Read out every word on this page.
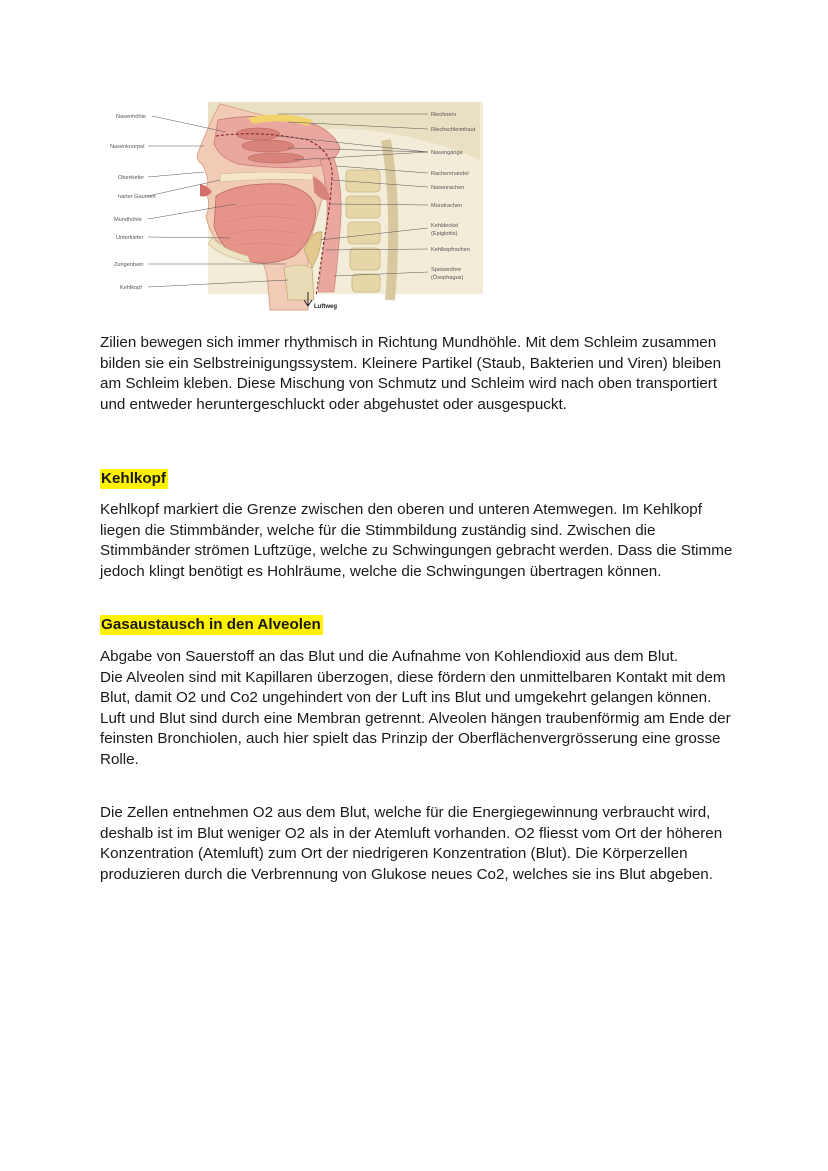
Luftweg
Nasenhöhle
Nasenknorpel
Oberkiefer
harter Gaumen
Mundhöhle
Unterkiefer
Zungenbein
Kehlkopf
Riechnerv
Riechschleimhaut
Nasengänge
Rachenmandel
Nasenrachen
Mundrachen
Kehldeckel
(Epiglottis)
Kehlkopfrachen
Speiseröhre
(Ösophagus)

Zilien bewegen sich immer rhythmisch in Richtung Mundhöhle. Mit dem Schleim zusammen bilden sie ein Selbstreinigungssystem. Kleinere Partikel (Staub, Bakterien und Viren) bleiben am Schleim kleben. Diese Mischung von Schmutz und Schleim wird nach oben transportiert und entweder heruntergeschluckt oder abgehustet oder ausgespuckt.

Kehlkopf

Kehlkopf markiert die Grenze zwischen den oberen und unteren Atemwegen. Im Kehlkopf liegen die Stimmbänder, welche für die Stimmbildung zuständig sind. Zwischen die Stimmbänder strömen Luftzüge, welche zu Schwingungen gebracht werden. Dass die Stimme jedoch klingt benötigt es Hohlräume, welche die Schwingungen übertragen können.

Gasaustausch in den Alveolen

Abgabe von Sauerstoff an das Blut und die Aufnahme von Kohlendioxid aus dem Blut.

Die Alveolen sind mit Kapillaren überzogen, diese fördern den unmittelbaren Kontakt mit dem Blut, damit O2 und Co2 ungehindert von der Luft ins Blut und umgekehrt gelangen können. Luft und Blut sind durch eine Membran getrennt. Alveolen hängen traubenförmig am Ende der feinsten Bronchiolen, auch hier spielt das Prinzip der Oberflächenvergrösserung eine grosse Rolle.

Die Zellen entnehmen O2 aus dem Blut, welche für die Energiegewinnung verbraucht wird, deshalb ist im Blut weniger O2 als in der Atemluft vorhanden. O2 fliesst vom Ort der höheren Konzentration (Atemluft) zum Ort der niedrigeren Konzentration (Blut). Die Körperzellen produzieren durch die Verbrennung von Glukose neues Co2, welches sie ins Blut abgeben.
